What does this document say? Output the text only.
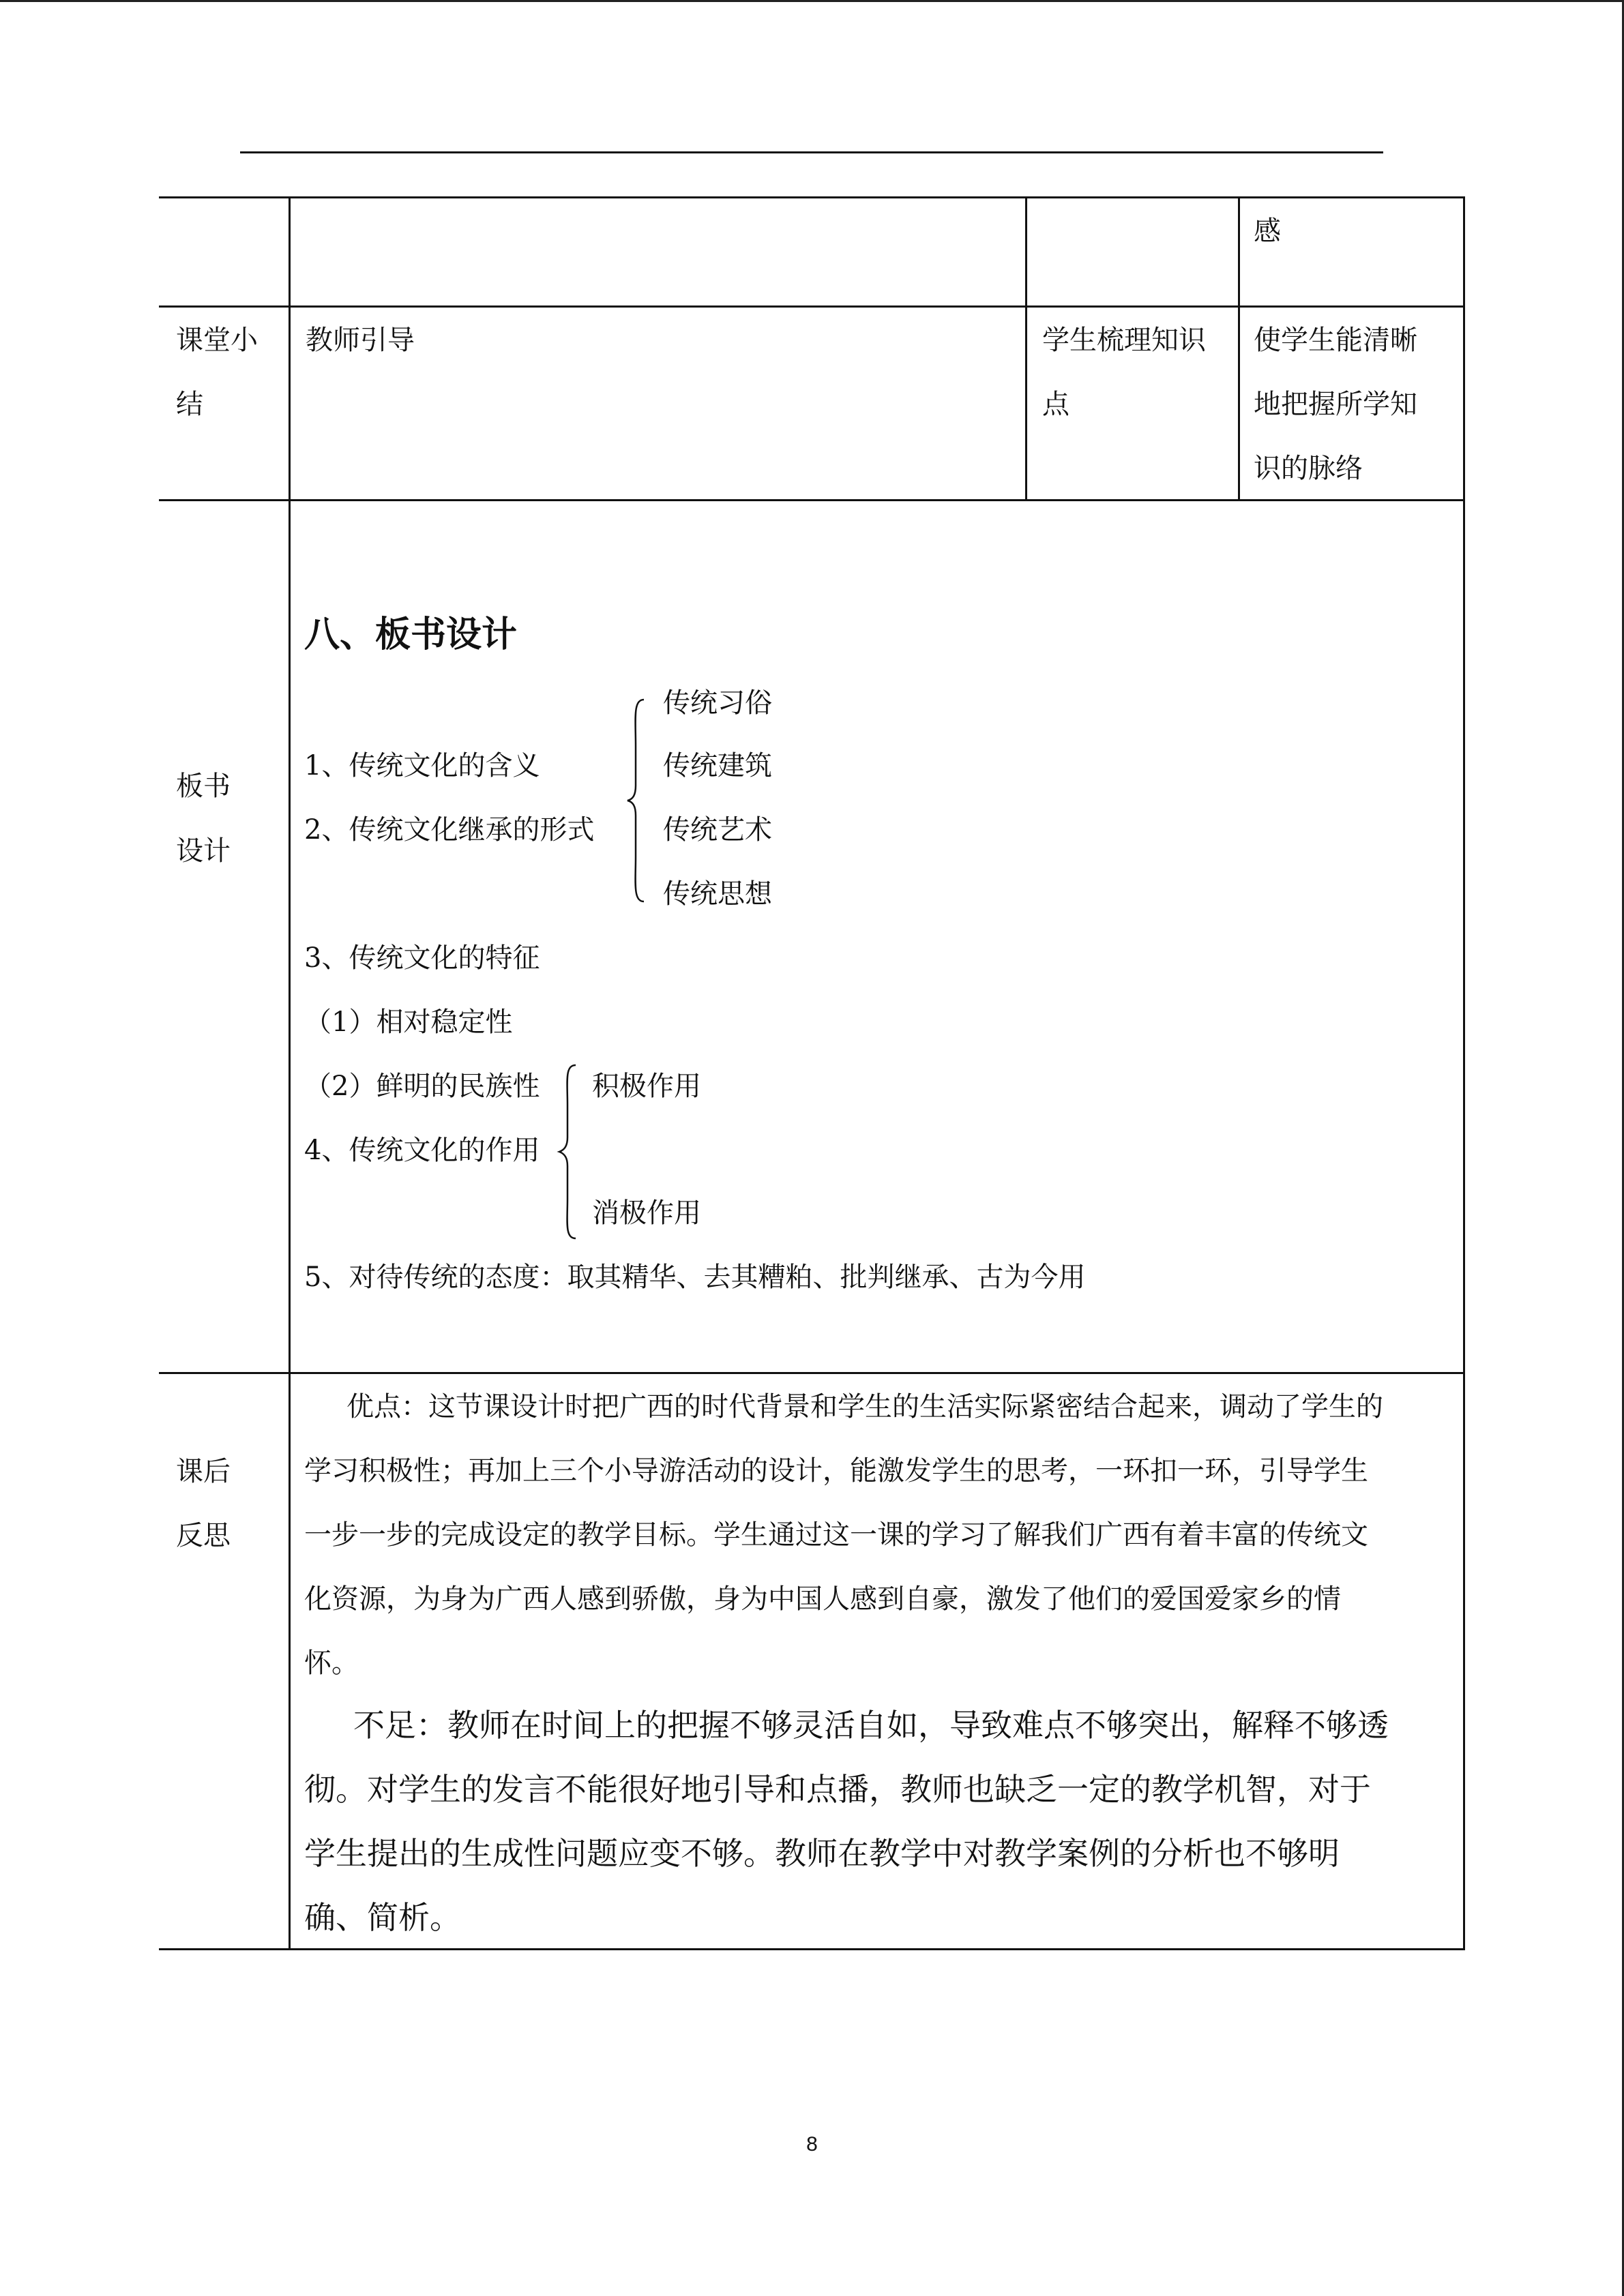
感
课堂小
结
教师引导	学生梳理知识
点
使学生能清晰
地把握所学知
识的脉络
板书
设计
八、板书设计
1、传统文化的含义
2、传统文化继承的形式
传统习俗
传统建筑
传统艺术
传统思想
3、传统文化的特征
（1）相对稳定性
（2）鲜明的民族性
4、传统文化的作用
积极作用
消极作用
5、对待传统的态度：取其精华、去其糟粕、批判继承、古为今用
课后
反思
优点：这节课设计时把广西的时代背景和学生的生活实际紧密结合起来，调动了学生的
学习积极性；再加上三个小导游活动的设计，能激发学生的思考，一环扣一环，引导学生
一步一步的完成设定的教学目标。学生通过这一课的学习了解我们广西有着丰富的传统文
化资源，为身为广西人感到骄傲，身为中国人感到自豪，激发了他们的爱国爱家乡的情
怀。
不足：教师在时间上的把握不够灵活自如，导致难点不够突出，解释不够透
彻。对学生的发言不能很好地引导和点播，教师也缺乏一定的教学机智，对于
学生提出的生成性问题应变不够。教师在教学中对教学案例的分析也不够明
确、简析。
8
